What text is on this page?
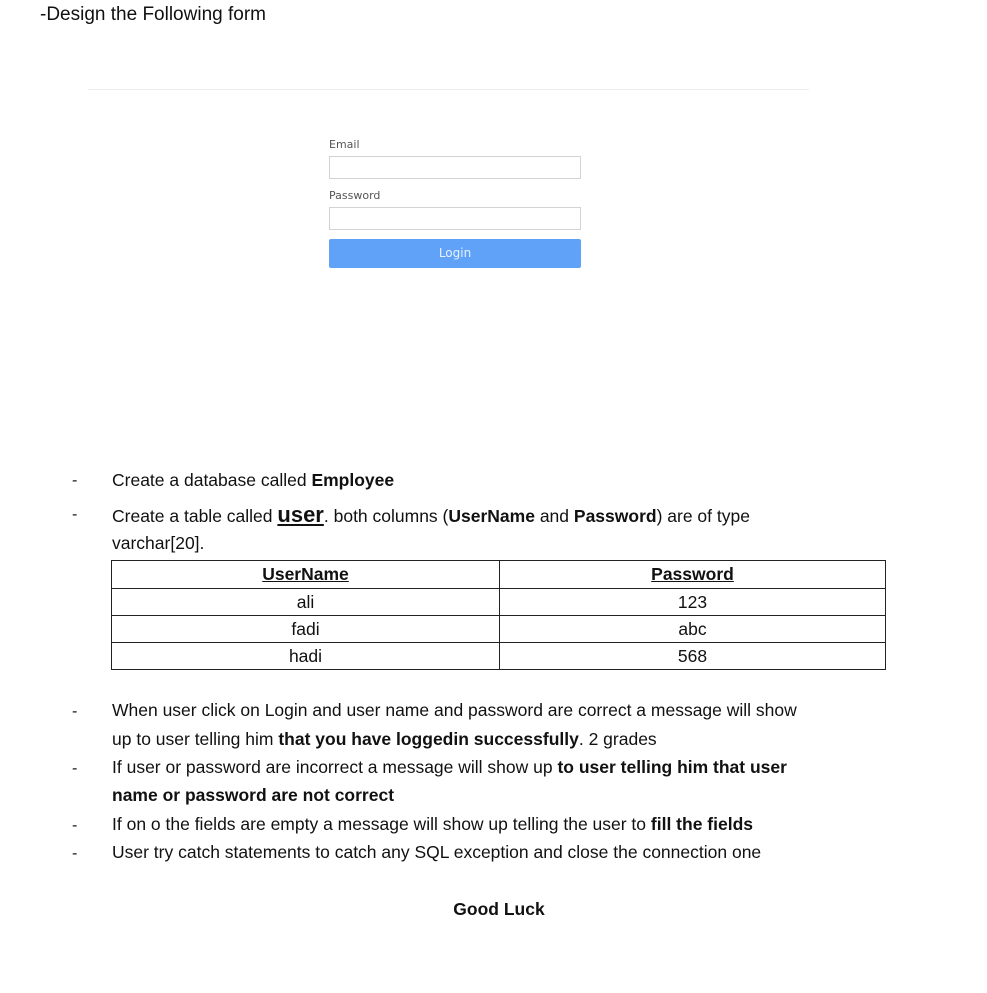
-Design the Following form
Email
Password
Login
- Create a database called Employee
- Create a table called user. both columns (UserName and Password) are of type
varchar[20].
UserName	Password
ali	123
fadi	abc
hadi	568
- When user click on Login and user name and password are correct a message will show
up to user telling him that you have loggedin successfully. 2 grades
- If user or password are incorrect a message will show up to user telling him that user
name or password are not correct
- If on o the fields are empty a message will show up telling the user to fill the fields
- User try catch statements to catch any SQL exception and close the connection one
Good Luck
